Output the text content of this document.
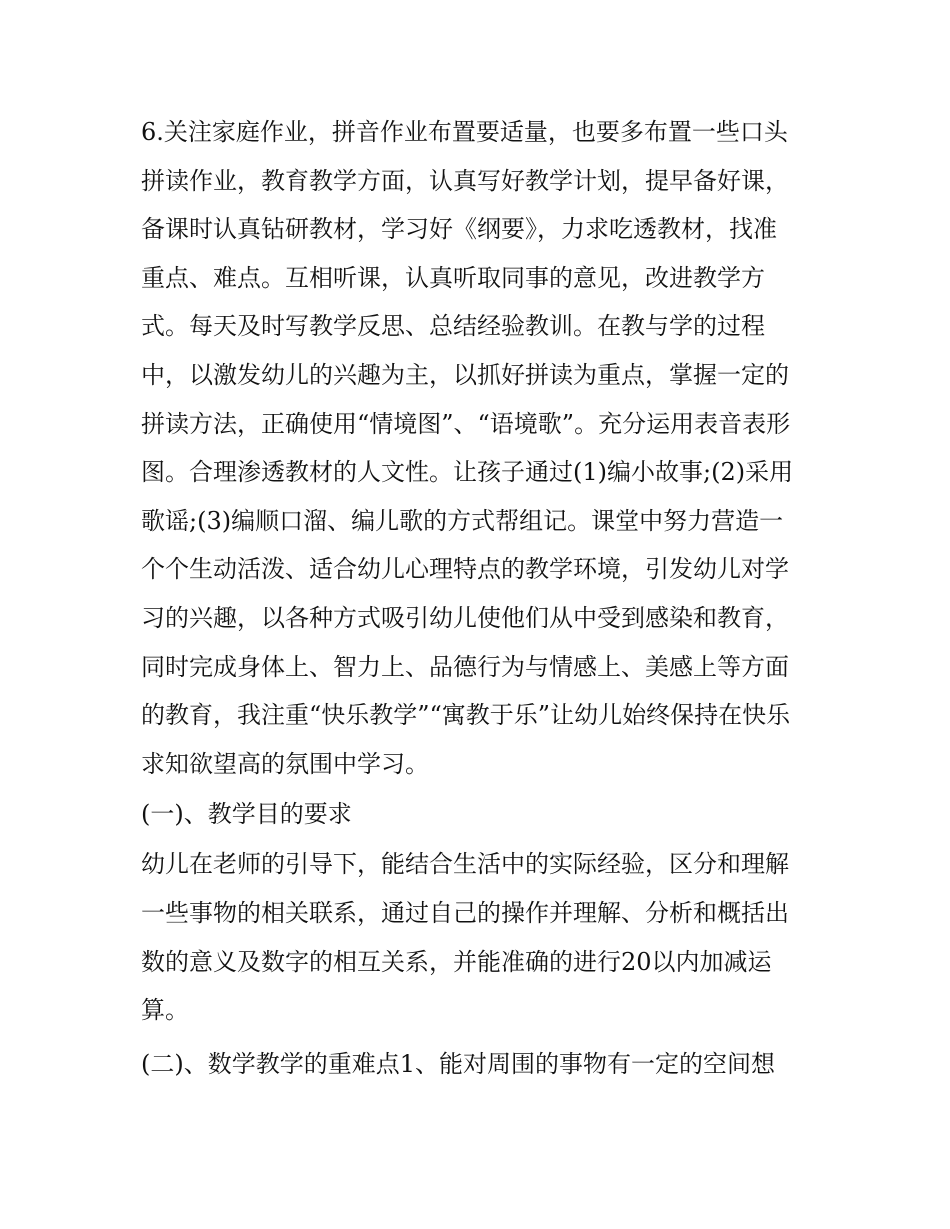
6.关注家庭作业，拼音作业布置要适量，也要多布置一些口头
拼读作业，教育教学方面，认真写好教学计划，提早备好课，
备课时认真钻研教材，学习好《纲要》，力求吃透教材，找准
重点、难点。互相听课，认真听取同事的意见，改进教学方
式。每天及时写教学反思、总结经验教训。在教与学的过程
中，以激发幼儿的兴趣为主，以抓好拼读为重点，掌握一定的
拼读方法，正确使用“情境图”、“语境歌”。充分运用表音表形
图。合理渗透教材的人文性。让孩子通过(1)编小故事;(2)采用
歌谣;(3)编顺口溜、编儿歌的方式帮组记。课堂中努力营造一
个个生动活泼、适合幼儿心理特点的教学环境，引发幼儿对学
习的兴趣，以各种方式吸引幼儿使他们从中受到感染和教育，
同时完成身体上、智力上、品德行为与情感上、美感上等方面
的教育，我注重“快乐教学”“寓教于乐”让幼儿始终保持在快乐
求知欲望高的氛围中学习。
(一)、教学目的要求
幼儿在老师的引导下，能结合生活中的实际经验，区分和理解
一些事物的相关联系，通过自己的操作并理解、分析和概括出
数的意义及数字的相互关系，并能准确的进行20以内加减运
算。
(二)、数学教学的重难点1、能对周围的事物有一定的空间想
